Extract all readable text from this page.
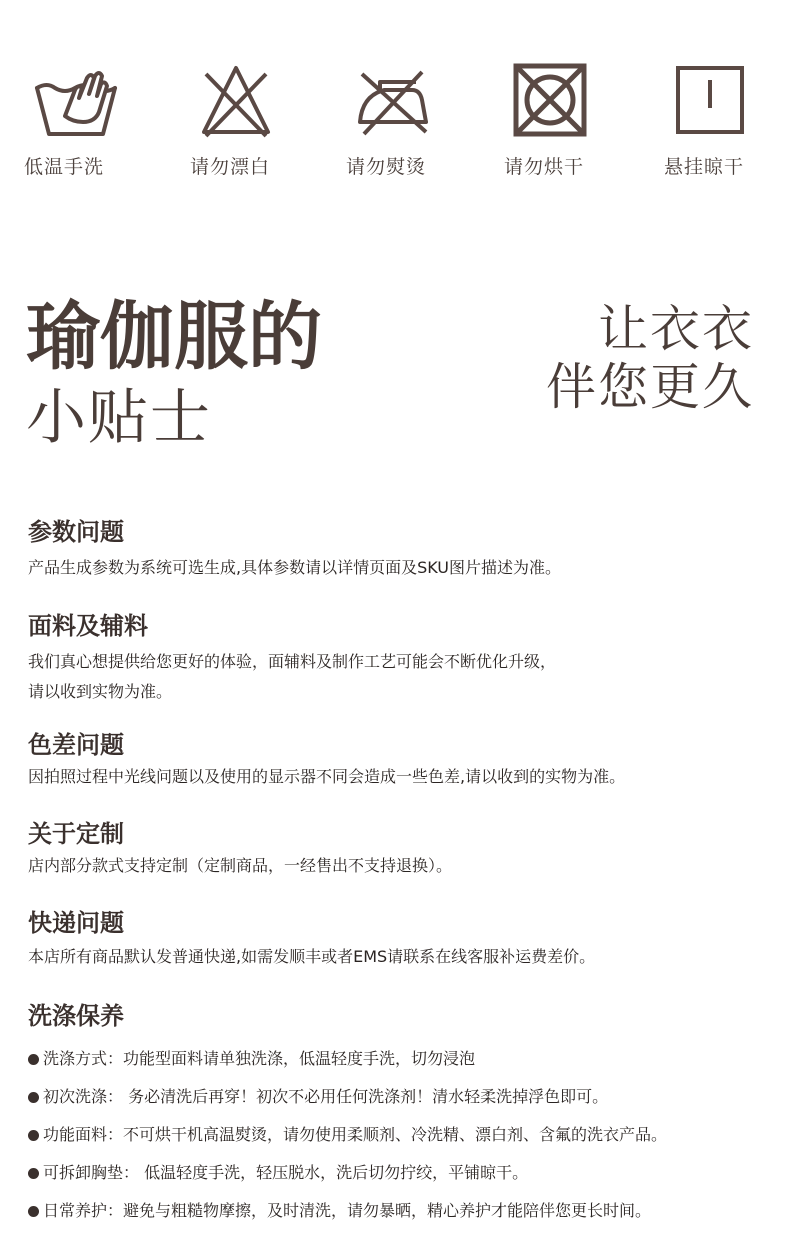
低温手洗	请勿漂白	请勿熨烫	请勿烘干	悬挂晾干
瑜伽服的
小贴士
让衣衣
伴您更久
参数问题
产品生成参数为系统可选生成,具体参数请以详情页面及SKU图片描述为准。
面料及辅料
我们真心想提供给您更好的体验，面辅料及制作工艺可能会不断优化升级，
请以收到实物为准。
色差问题
因拍照过程中光线问题以及使用的显示器不同会造成一些色差,请以收到的实物为准。
关于定制
店内部分款式支持定制（定制商品，一经售出不支持退换）。
快递问题
本店所有商品默认发普通快递,如需发顺丰或者EMS请联系在线客服补运费差价。
洗涤保养
洗涤方式：功能型面料请单独洗涤，低温轻度手洗，切勿浸泡
初次洗涤： 务必清洗后再穿！初次不必用任何洗涤剂！清水轻柔洗掉浮色即可。
功能面料：不可烘干机高温熨烫，请勿使用柔顺剂、冷洗精、漂白剂、含氟的洗衣产品。
可拆卸胸垫： 低温轻度手洗，轻压脱水，洗后切勿拧绞，平铺晾干。
日常养护：避免与粗糙物摩擦，及时清洗，请勿暴晒，精心养护才能陪伴您更长时间。
